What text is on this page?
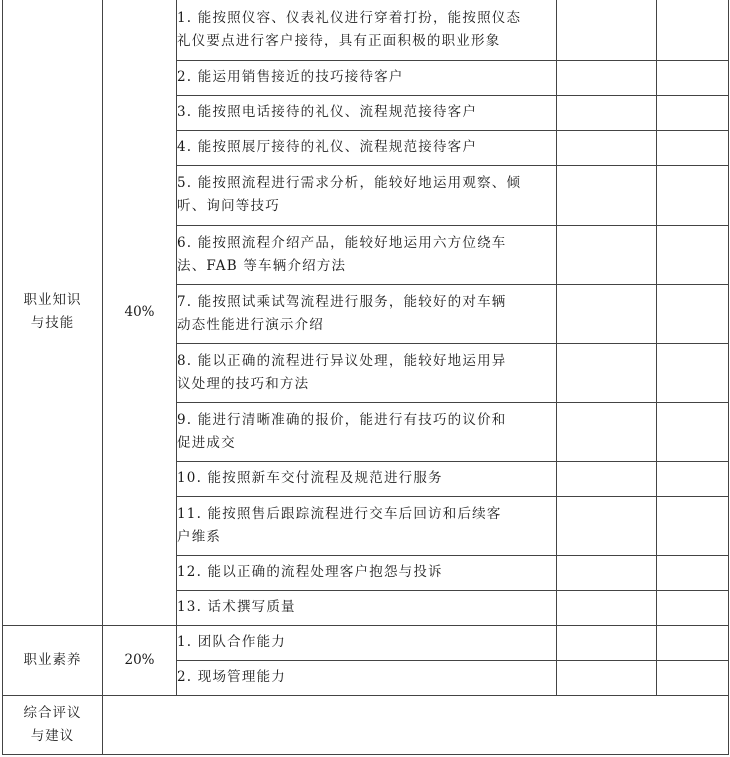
职业知识
与技能	40%	1. 能按照仪容、仪表礼仪进行穿着打扮，能按照仪态
礼仪要点进行客户接待，具有正面积极的职业形象		

		2. 能运用销售接近的技巧接待客户		

		3. 能按照电话接待的礼仪、流程规范接待客户		

		4. 能按照展厅接待的礼仪、流程规范接待客户		

		5. 能按照流程进行需求分析，能较好地运用观察、倾
听、询问等技巧		

		6. 能按照流程介绍产品，能较好地运用六方位绕车
法、FAB 等车辆介绍方法		

		7. 能按照试乘试驾流程进行服务，能较好的对车辆
动态性能进行演示介绍		

		8. 能以正确的流程进行异议处理，能较好地运用异
议处理的技巧和方法		

		9. 能进行清晰准确的报价，能进行有技巧的议价和
促进成交		

		10. 能按照新车交付流程及规范进行服务		

		11. 能按照售后跟踪流程进行交车后回访和后续客
户维系		

		12. 能以正确的流程处理客户抱怨与投诉		

		13. 话术撰写质量		

职业素养	20%	1. 团队合作能力		

		2. 现场管理能力		

综合评议
与建议				
